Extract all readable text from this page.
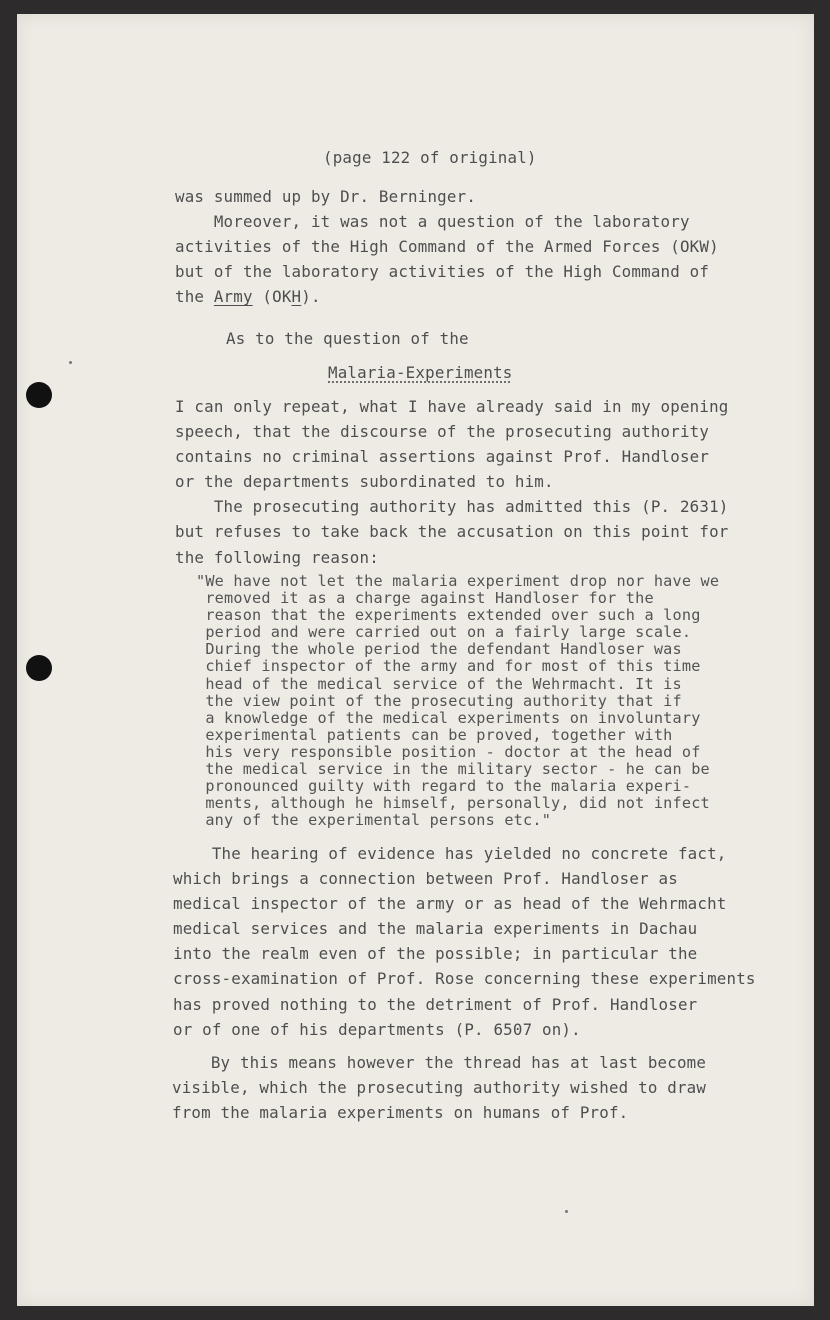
(page 122 of original)

was summed up by Dr. Berninger.
Moreover, it was not a question of the laboratory
activities of the High Command of the Armed Forces (OKW)
but of the laboratory activities of the High Command of
the Army (OKH).

As to the question of the

Malaria-Experiments

I can only repeat, what I have already said in my opening
speech, that the discourse of the prosecuting authority
contains no criminal assertions against Prof. Handloser
or the departments subordinated to him.
The prosecuting authority has admitted this (P. 2631)
but refuses to take back the accusation on this point for
the following reason:
"We have not let the malaria experiment drop nor have we
removed it as a charge against Handloser for the
reason that the experiments extended over such a long
period and were carried out on a fairly large scale.
During the whole period the defendant Handloser was
chief inspector of the army and for most of this time
head of the medical service of the Wehrmacht. It is
the view point of the prosecuting authority that if
a knowledge of the medical experiments on involuntary
experimental patients can be proved, together with
his very responsible position - doctor at the head of
the medical service in the military sector - he can be
pronounced guilty with regard to the malaria experi-
ments, although he himself, personally, did not infect
any of the experimental persons etc."
The hearing of evidence has yielded no concrete fact,
which brings a connection between Prof. Handloser as
medical inspector of the army or as head of the Wehrmacht
medical services and the malaria experiments in Dachau
into the realm even of the possible; in particular the
cross-examination of Prof. Rose concerning these experiments
has proved nothing to the detriment of Prof. Handloser
or of one of his departments (P. 6507 on).
By this means however the thread has at last become
visible, which the prosecuting authority wished to draw
from the malaria experiments on humans of Prof.
